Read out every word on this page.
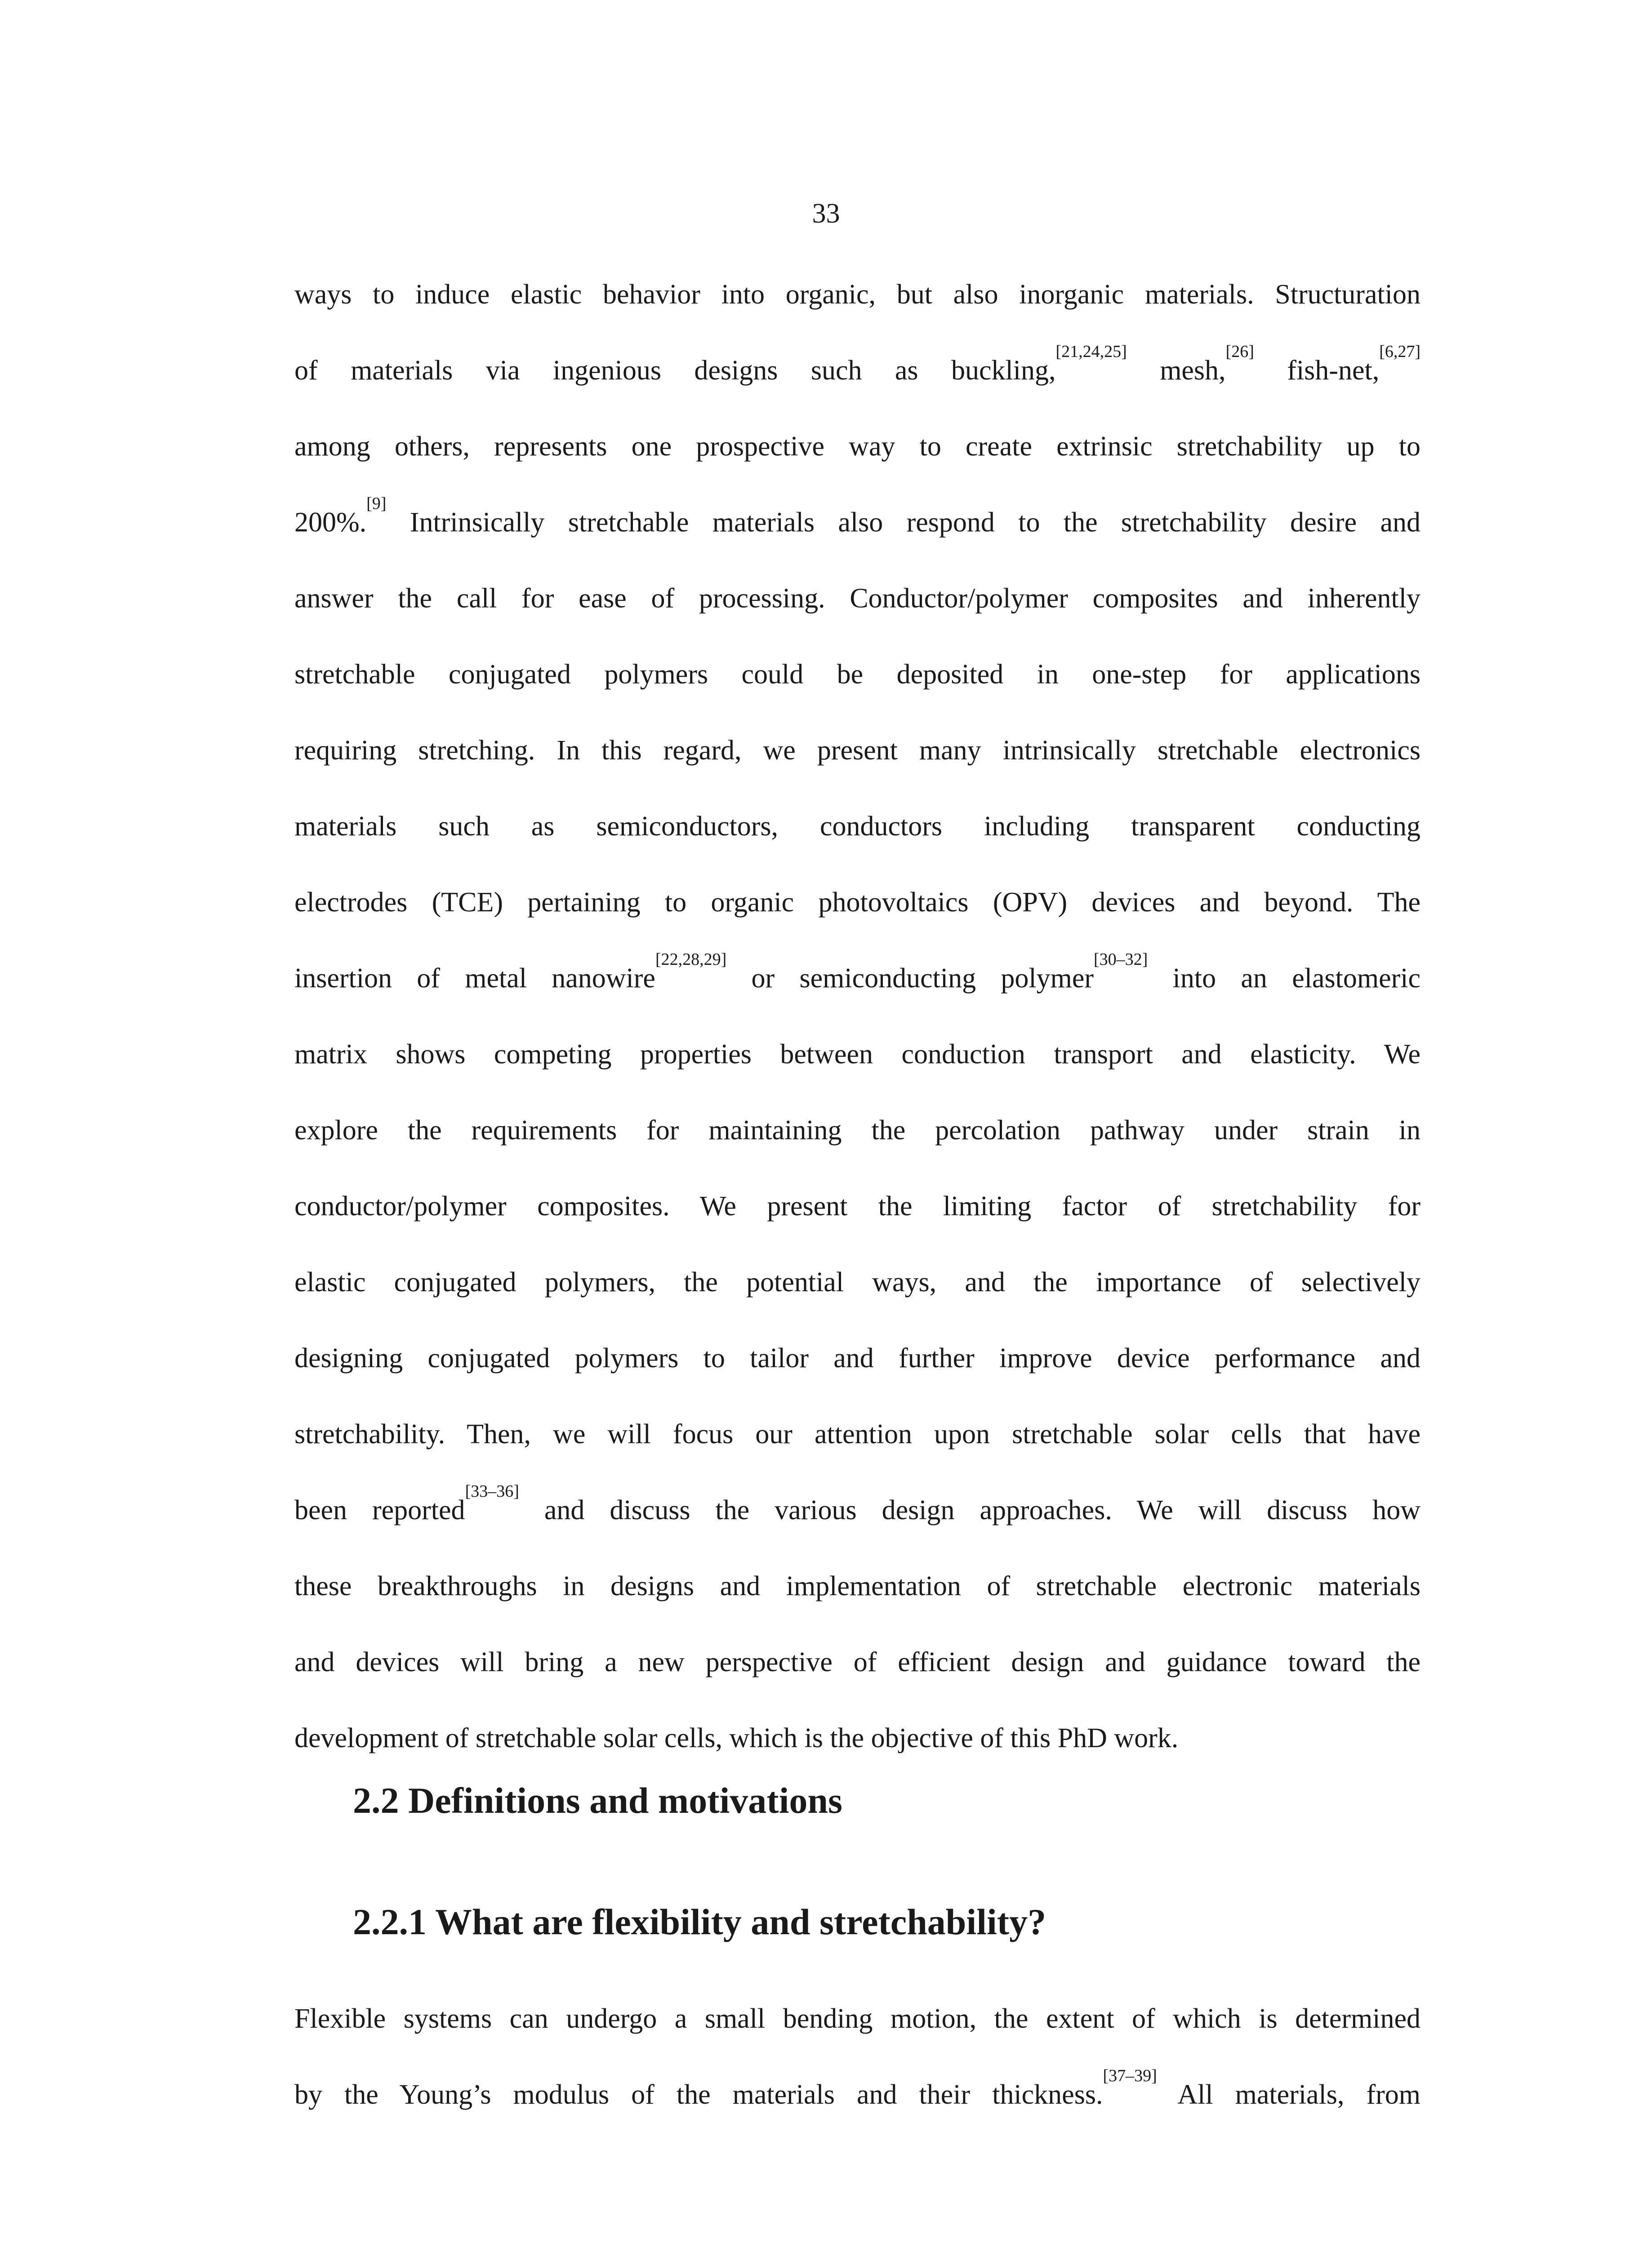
33
ways to induce elastic behavior into organic, but also inorganic materials. Structuration
of materials via ingenious designs such as buckling,[21,24,25] mesh,[26] fish-net,[6,27]
among others, represents one prospective way to create extrinsic stretchability up to
200%.[9] Intrinsically stretchable materials also respond to the stretchability desire and
answer the call for ease of processing. Conductor/polymer composites and inherently
stretchable conjugated polymers could be deposited in one-step for applications
requiring stretching. In this regard, we present many intrinsically stretchable electronics
materials such as semiconductors, conductors including transparent conducting
electrodes (TCE) pertaining to organic photovoltaics (OPV) devices and beyond. The
insertion of metal nanowire[22,28,29] or semiconducting polymer[30–32] into an elastomeric
matrix shows competing properties between conduction transport and elasticity. We
explore the requirements for maintaining the percolation pathway under strain in
conductor/polymer composites. We present the limiting factor of stretchability for
elastic conjugated polymers, the potential ways, and the importance of selectively
designing conjugated polymers to tailor and further improve device performance and
stretchability. Then, we will focus our attention upon stretchable solar cells that have
been reported[33–36] and discuss the various design approaches. We will discuss how
these breakthroughs in designs and implementation of stretchable electronic materials
and devices will bring a new perspective of efficient design and guidance toward the
development of stretchable solar cells, which is the objective of this PhD work.
2.2 Definitions and motivations
2.2.1 What are flexibility and stretchability?
Flexible systems can undergo a small bending motion, the extent of which is determined
by the Young’s modulus of the materials and their thickness.[37–39] All materials, from
